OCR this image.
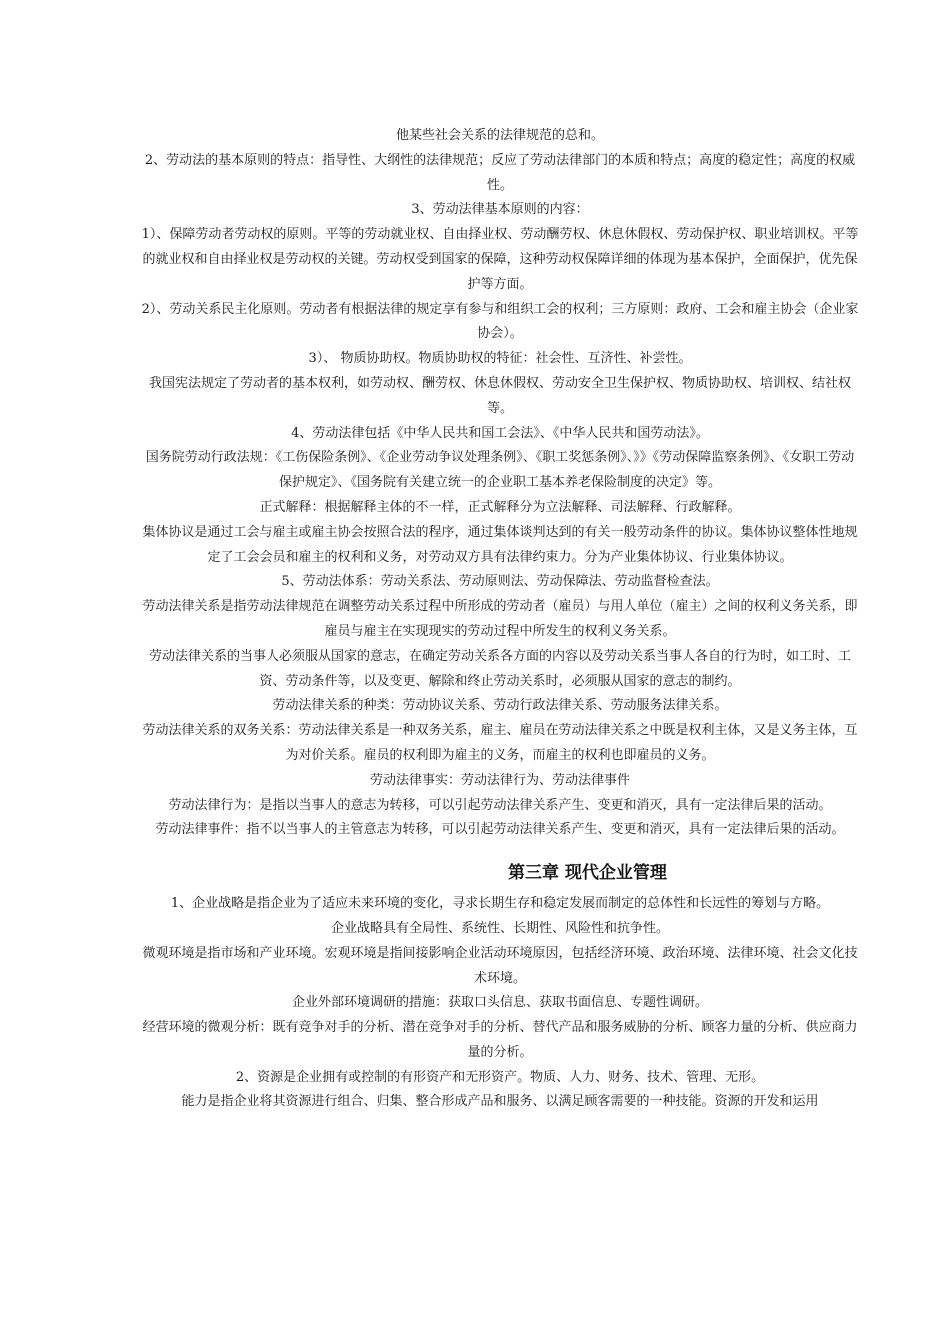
他某些社会关系的法律规范的总和。

2、劳动法的基本原则的特点：指导性、大纲性的法律规范；反应了劳动法律部门的本质和特点；高度的稳定性；高度的权威性。

3、劳动法律基本原则的内容：

1）、保障劳动者劳动权的原则。平等的劳动就业权、自由择业权、劳动酬劳权、休息休假权、劳动保护权、职业培训权。平等的就业权和自由择业权是劳动权的关键。劳动权受到国家的保障，这种劳动权保障详细的体现为基本保护，全面保护，优先保护等方面。

2）、劳动关系民主化原则。劳动者有根据法律的规定享有参与和组织工会的权利；三方原则：政府、工会和雇主协会（企业家协会）。

3）、 物质协助权。物质协助权的特征：社会性、互济性、补尝性。

我国宪法规定了劳动者的基本权利，如劳动权、酬劳权、休息休假权、劳动安全卫生保护权、物质协助权、培训权、结社权等。

4、劳动法律包括《中华人民共和国工会法》、《中华人民共和国劳动法》。

国务院劳动行政法规：《工伤保险条例》、《企业劳动争议处理条例》、《职工奖惩条例》、》》《劳动保障监察条例》、《女职工劳动保护规定》、《国务院有关建立统一的企业职工基本养老保险制度的决定》等。

正式解释：根据解释主体的不一样，正式解释分为立法解释、司法解释、行政解释。

集体协议是通过工会与雇主或雇主协会按照合法的程序，通过集体谈判达到的有关一般劳动条件的协议。集体协议整体性地规定了工会会员和雇主的权利和义务，对劳动双方具有法律约束力。分为产业集体协议、行业集体协议。

5、劳动法体系：劳动关系法、劳动原则法、劳动保障法、劳动监督检查法。

劳动法律关系是指劳动法律规范在调整劳动关系过程中所形成的劳动者（雇员）与用人单位（雇主）之间的权利义务关系，即雇员与雇主在实现现实的劳动过程中所发生的权利义务关系。

劳动法律关系的当事人必须服从国家的意志，在确定劳动关系各方面的内容以及劳动关系当事人各自的行为时，如工时、工资、劳动条件等，以及变更、解除和终止劳动关系时，必须服从国家的意志的制约。

劳动法律关系的种类：劳动协议关系、劳动行政法律关系、劳动服务法律关系。

劳动法律关系的双务关系：劳动法律关系是一种双务关系，雇主、雇员在劳动法律关系之中既是权利主体，又是义务主体，互为对价关系。雇员的权利即为雇主的义务，而雇主的权利也即雇员的义务。

劳动法律事实：劳动法律行为、劳动法律事件

劳动法律行为：是指以当事人的意志为转移，可以引起劳动法律关系产生、变更和消灭，具有一定法律后果的活动。

劳动法律事件：指不以当事人的主管意志为转移，可以引起劳动法律关系产生、变更和消灭，具有一定法律后果的活动。

第三章 现代企业管理

1、企业战略是指企业为了适应未来环境的变化，寻求长期生存和稳定发展而制定的总体性和长远性的筹划与方略。

企业战略具有全局性、系统性、长期性、风险性和抗争性。

微观环境是指市场和产业环境。宏观环境是指间接影响企业活动环境原因，包括经济环境、政治环境、法律环境、社会文化技术环境。

企业外部环境调研的措施：获取口头信息、获取书面信息、专题性调研。

经营环境的微观分析：既有竞争对手的分析、潜在竞争对手的分析、替代产品和服务威胁的分析、顾客力量的分析、供应商力量的分析。

2、资源是企业拥有或控制的有形资产和无形资产。物质、人力、财务、技术、管理、无形。

能力是指企业将其资源进行组合、归集、整合形成产品和服务、以满足顾客需要的一种技能。资源的开发和运用
